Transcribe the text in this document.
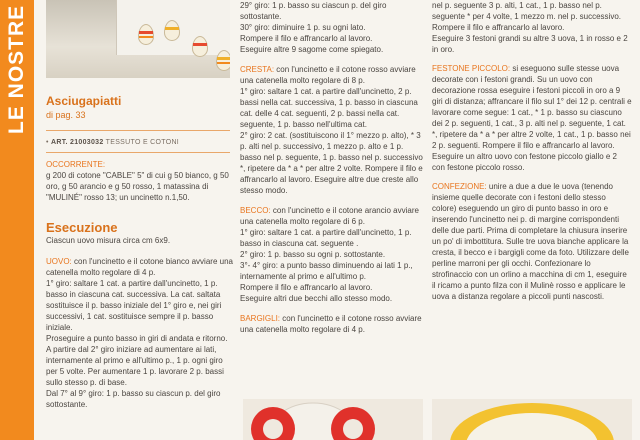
LE NOSTRE	Asciugapiatti
di pag. 33
• ART. 21003032 TESSUTO E COTONI

OCCORRENTE:

g 200 di cotone "CABLE" 5" di cui g 50 bianco, g 50 oro, g 50 arancio e g 50 rosso, 1 matassina di "MULINÉ" rosso 13; un uncinetto n.1,50.

Esecuzione

Ciascun uovo misura circa cm 6x9.

UOVO: con l'uncinetto e il cotone bianco avviare una catenella molto regolare di 4 p.

1° giro: saltare 1 cat. a partire dall'uncinetto, 1 p. basso in ciascuna cat. successiva. La cat. saltata sostituisce il p. basso iniziale del 1° giro e, nei giri successivi, 1 cat. sostituisce sempre il p. basso iniziale.

Proseguire a punto basso in giri di andata e ritorno. A partire dal 2° giro iniziare ad aumentare ai lati, internamente al primo e all'ultimo p., 1 p. ogni giro per 5 volte. Per aumentare 1 p. lavorare 2 p. bassi sullo stesso p. di base.

Dal 7° al 9° giro: 1 p. basso su ciascun p. del giro sottostante.

29° giro: 1 p. basso su ciascun p. del giro sottostante.

30° giro: diminuire 1 p. su ogni lato.

Rompere il filo e affrancarlo al lavoro.

Eseguire altre 9 sagome come spiegato.

CRESTA: con l'uncinetto e il cotone rosso avviare una catenella molto regolare di 8 p.

1° giro: saltare 1 cat. a partire dall'uncinetto, 2 p. bassi nella cat. successiva, 1 p. basso in ciascuna cat. delle 4 cat. seguenti, 2 p. bassi nella cat. seguente, 1 p. basso nell'ultima cat.

2° giro: 2 cat. (sostituiscono il 1° mezzo p. alto), * 3 p. alti nel p. successivo, 1 mezzo p. alto e 1 p. basso nel p. seguente, 1 p. basso nel p. successivo *, ripetere da * a * per altre 2 volte. Rompere il filo e affrancarlo al lavoro. Eseguire altre due creste allo stesso modo.

BECCO: con l'uncinetto e il cotone arancio avviare una catenella molto regolare di 6 p.

1° giro: saltare 1 cat. a partire dall'uncinetto, 1 p. basso in ciascuna cat. seguente .

2° giro: 1 p. basso su ogni p. sottostante.

3°- 4° giro: a punto basso diminuendo ai lati 1 p., internamente al primo e all'ultimo p.

Rompere il filo e affrancarlo al lavoro.

Eseguire altri due becchi allo stesso modo.

BARGIGLI: con l'uncinetto e il cotone rosso avviare una catenella molto regolare di 4 p.

nel p. seguente 3 p. alti, 1 cat., 1 p. basso nel p. seguente * per 4 volte, 1 mezzo m. nel p. successivo. Rompere il filo e affrancarlo al lavoro.

Eseguire 3 festoni grandi su altre 3 uova, 1 in rosso e 2 in oro.

FESTONE PICCOLO: si eseguono sulle stesse uova decorate con i festoni grandi. Su un uovo con decorazione rossa eseguire i festoni piccoli in oro a 9 giri di distanza; affrancare il filo sul 1° dei 12 p. centrali e lavorare come segue: 1 cat., * 1 p. basso su ciascuno dei 2 p. seguenti, 1 cat., 3 p. alti nel p. seguente, 1 cat. *, ripetere da * a * per altre 2 volte, 1 cat., 1 p. basso nei 2 p. seguenti. Rompere il filo e affrancarlo al lavoro.

Eseguire un altro uovo con festone piccolo giallo e 2 con festone piccolo rosso.

CONFEZIONE: unire a due a due le uova (tenendo insieme quelle decorate con i festoni dello stesso colore) eseguendo un giro di punto basso in oro e inserendo l'uncinetto nei p. di margine corrispondenti delle due parti. Prima di completare la chiusura inserire un po' di imbottitura. Sulle tre uova bianche applicare la cresta, il becco e i bargigli come da foto. Utilizzare delle perline marroni per gli occhi. Confezionare lo strofinaccio con un orlino a macchina di cm 1, eseguire il ricamo a punto filza con il Mulinè rosso e applicare le uova a distanza regolare a piccoli punti nascosti.
